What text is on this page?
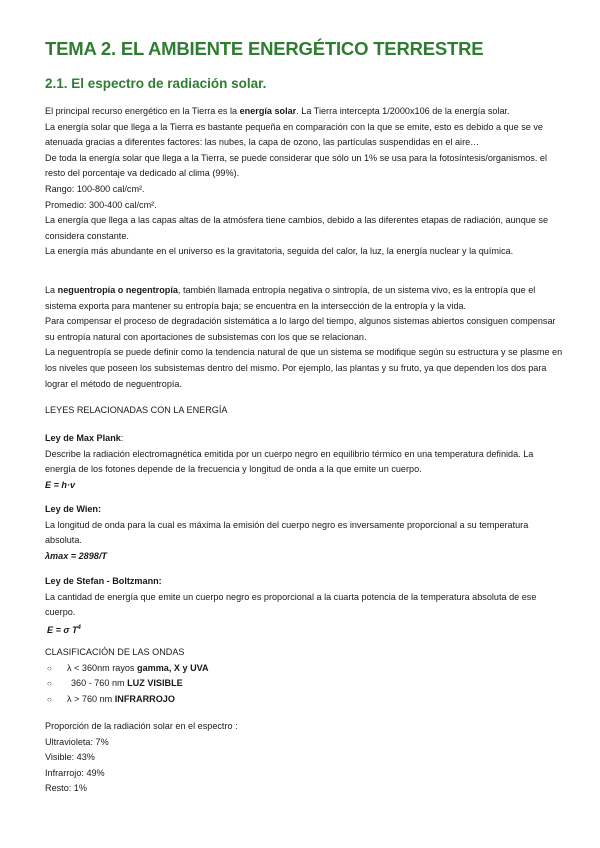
TEMA 2. EL AMBIENTE ENERGÉTICO TERRESTRE
2.1. El espectro de radiación solar.

El principal recurso energético en la Tierra es la energía solar. La Tierra intercepta 1/2000x106 de la energía solar.

La energía solar que llega a la Tierra es bastante pequeña en comparación con la que se emite, esto es debido a que se ve atenuada gracias a diferentes factores: las nubes, la capa de ozono, las partículas suspendidas en el aire…

De toda la energía solar que llega a la Tierra, se puede considerar que sólo un 1% se usa para la fotosíntesis/organismos. el resto del porcentaje va dedicado al clima (99%).

Rango: 100-800 cal/cm².

Promedio: 300-400 cal/cm².

La energía que llega a las capas altas de la atmósfera tiene cambios, debido a las diferentes etapas de radiación, aunque se considera constante.

La energía más abundante en el universo es la gravitatoria, seguida del calor, la luz, la energía nuclear y la química.

La neguentropía o negentropía, también llamada entropía negativa o sintropía, de un sistema vivo, es la entropía que el sistema exporta para mantener su entropía baja; se encuentra en la intersección de la entropía y la vida.

Para compensar el proceso de degradación sistemática a lo largo del tiempo, algunos sistemas abiertos consiguen compensar su entropía natural con aportaciones de subsistemas con los que se relacionan.

La neguentropía se puede definir como la tendencia natural de que un sistema se modifique según su estructura y se plasme en los niveles que poseen los subsistemas dentro del mismo. Por ejemplo, las plantas y su fruto, ya que dependen los dos para lograr el método de neguentropía.

LEYES RELACIONADAS CON LA ENERGÍA

Ley de Max Plank:

Describe la radiación electromagnética emitida por un cuerpo negro en equilibrio térmico en una temperatura definida. La energía de los fotones depende de la frecuencia y longitud de onda a la que emite un cuerpo.

E = h·v

Ley de Wien:

La longitud de onda para la cual es máxima la emisión del cuerpo negro es inversamente proporcional a su temperatura absoluta.

λmax = 2898/T

Ley de Stefan - Boltzmann:

La cantidad de energía que emite un cuerpo negro es proporcional a la cuarta potencia de la temperatura absoluta de ese cuerpo.

E = σ $T^4$

CLASIFICACIÓN DE LAS ONDAS

○ λ < 360nm rayos gamma, X y UVA
○ 360 - 760 nm LUZ VISIBLE
○ λ > 760 nm INFRARROJO

Proporción de la radiación solar en el espectro :

Ultravioleta: 7%

Visible: 43%

Infrarrojo: 49%

Resto: 1%
